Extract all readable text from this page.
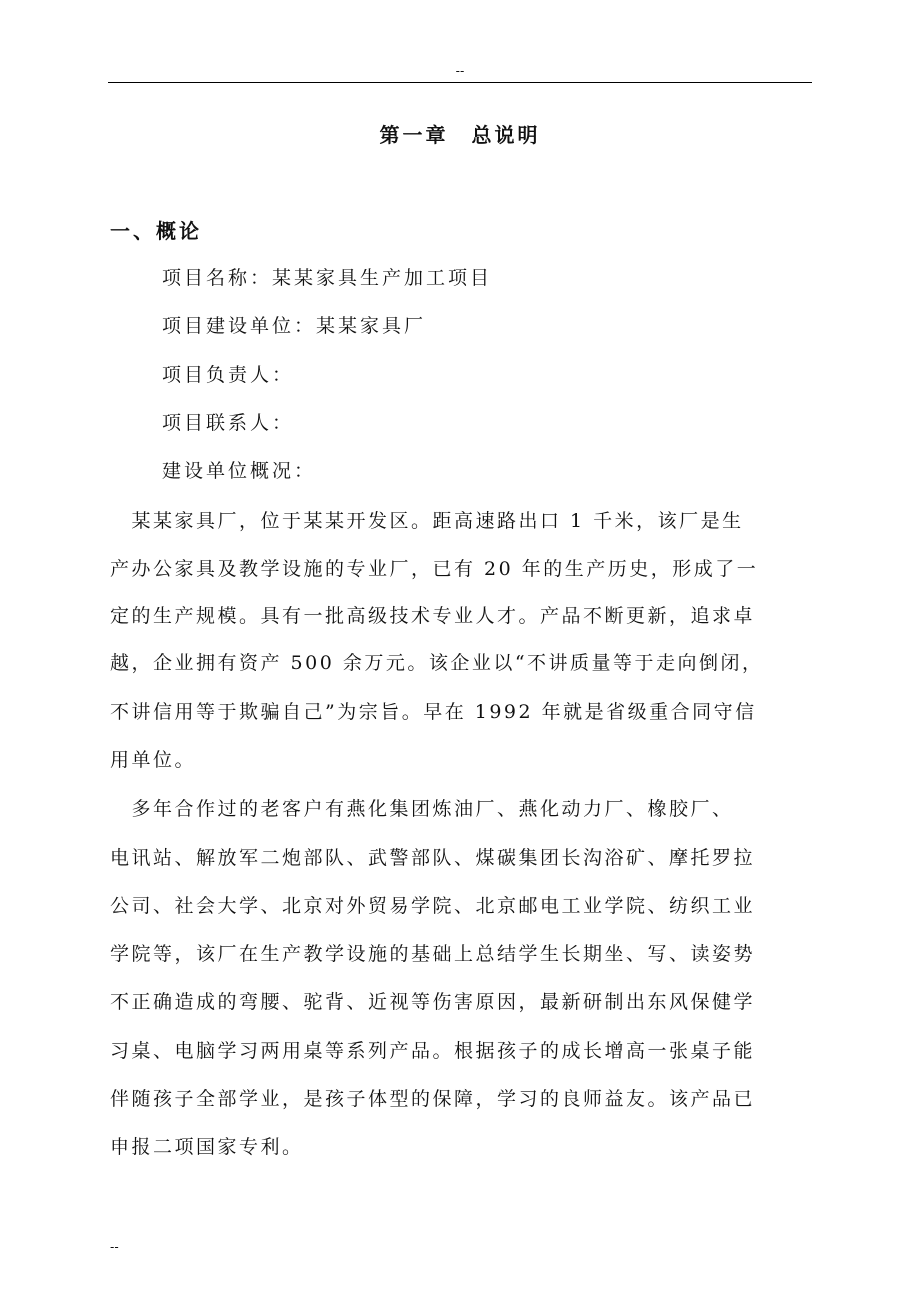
--
第一章　总说明
一、概论
项目名称：某某家具生产加工项目
项目建设单位：某某家具厂
项目负责人：
项目联系人：
建设单位概况：
　某某家具厂，位于某某开发区。距高速路出口 1 千米，该厂是生
产办公家具及教学设施的专业厂，已有 20 年的生产历史，形成了一
定的生产规模。具有一批高级技术专业人才。产品不断更新，追求卓
越，企业拥有资产 500 余万元。该企业以“不讲质量等于走向倒闭，
不讲信用等于欺骗自己”为宗旨。早在 1992 年就是省级重合同守信
用单位。
　多年合作过的老客户有燕化集团炼油厂、燕化动力厂、橡胶厂、
电讯站、解放军二炮部队、武警部队、煤碳集团长沟浴矿、摩托罗拉
公司、社会大学、北京对外贸易学院、北京邮电工业学院、纺织工业
学院等，该厂在生产教学设施的基础上总结学生长期坐、写、读姿势
不正确造成的弯腰、驼背、近视等伤害原因，最新研制出东风保健学
习桌、电脑学习两用桌等系列产品。根据孩子的成长增高一张桌子能
伴随孩子全部学业，是孩子体型的保障，学习的良师益友。该产品已
申报二项国家专利。
--
